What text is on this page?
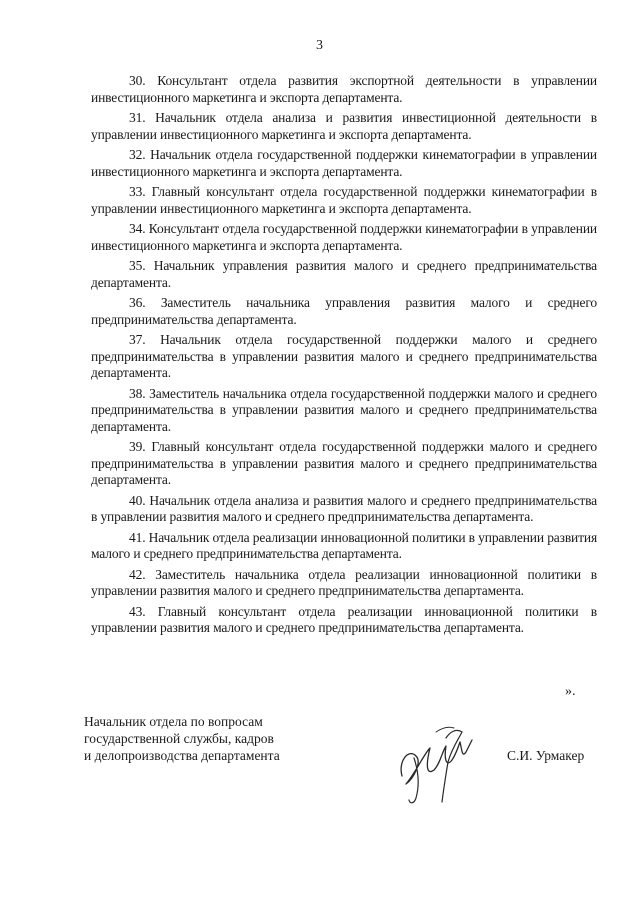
3

30. Консультант отдела развития экспортной деятельности в управлении инвестиционного маркетинга и экспорта департамента.

31. Начальник отдела анализа и развития инвестиционной деятельности в управлении инвестиционного маркетинга и экспорта департамента.

32. Начальник отдела государственной поддержки кинематографии в управлении инвестиционного маркетинга и экспорта департамента.

33. Главный консультант отдела государственной поддержки кинематографии в управлении инвестиционного маркетинга и экспорта департамента.

34. Консультант отдела государственной поддержки кинематографии в управлении инвестиционного маркетинга и экспорта департамента.

35. Начальник управления развития малого и среднего предпринимательства департамента.

36. Заместитель начальника управления развития малого и среднего предпринимательства департамента.

37. Начальник отдела государственной поддержки малого и среднего предпринимательства в управлении развития малого и среднего предпринимательства департамента.

38. Заместитель начальника отдела государственной поддержки малого и среднего предпринимательства в управлении развития малого и среднего предпринимательства департамента.

39. Главный консультант отдела государственной поддержки малого и среднего предпринимательства в управлении развития малого и среднего предпринимательства департамента.

40. Начальник отдела анализа и развития малого и среднего предпринимательства в управлении развития малого и среднего предпринимательства департамента.

41. Начальник отдела реализации инновационной политики в управлении развития малого и среднего предпринимательства департамента.

42. Заместитель начальника отдела реализации инновационной политики в управлении развития малого и среднего предпринимательства департамента.

43. Главный консультант отдела реализации инновационной политики в управлении развития малого и среднего предпринимательства департамента.

».
Начальник отдела по вопросам
государственной службы, кадров
и делопроизводства департамента	С.И. Урмакер
